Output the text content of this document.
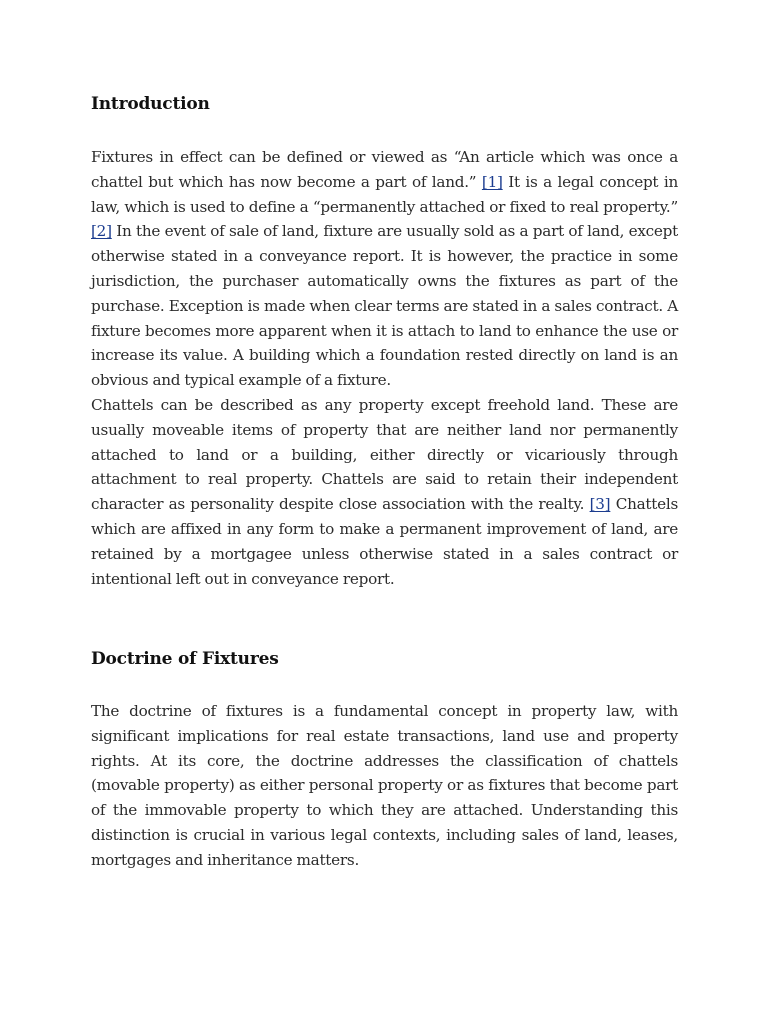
Introduction
Fixtures in effect can be defined or viewed as “An article which was once a chattel but which has now become a part of land.” [1] It is a legal concept in law, which is used to define a “permanently attached or fixed to real property.” [2] In the event of sale of land, fixture are usually sold as a part of land, except otherwise stated in a conveyance report. It is however, the practice in some jurisdiction, the purchaser automatically owns the fixtures as part of the purchase. Exception is made when clear terms are stated in a sales contract. A fixture becomes more apparent when it is attach to land to enhance the use or increase its value. A building which a foundation rested directly on land is an obvious and typical example of a fixture.
Chattels can be described as any property except freehold land. These are usually moveable items of property that are neither land nor permanently attached to land or a building, either directly or vicariously through attachment to real property. Chattels are said to retain their independent character as personality despite close association with the realty. [3] Chattels which are affixed in any form to make a permanent improvement of land, are retained by a mortgagee unless otherwise stated in a sales contract or intentional left out in conveyance report.
Doctrine of Fixtures

The doctrine of fixtures is a fundamental concept in property law, with significant implications for real estate transactions, land use and property rights. At its core, the doctrine addresses the classification of chattels (movable property) as either personal property or as fixtures that become part of the immovable property to which they are attached. Understanding this distinction is crucial in various legal contexts, including sales of land, leases, mortgages and inheritance matters.
